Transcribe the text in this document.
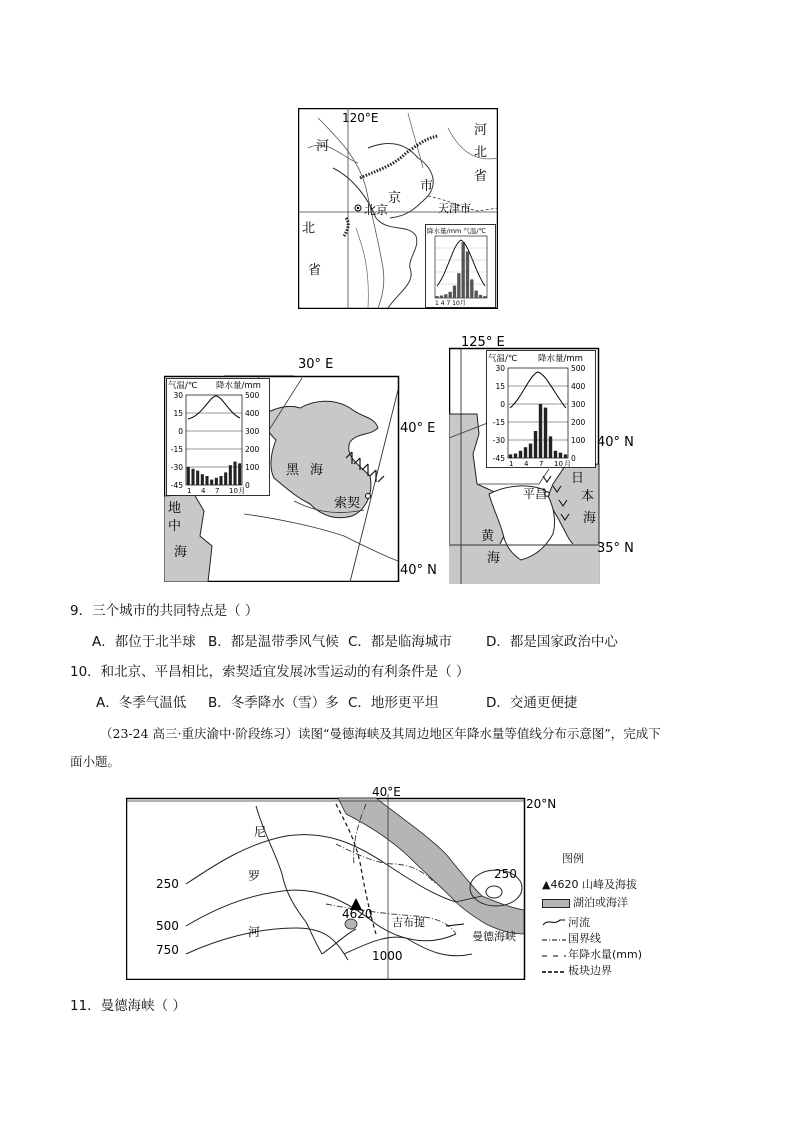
120°E
河
河
北
省
京
市
北京	天津市
北
省
降水量/mm 气温/℃
1 4 7 10月
30° E
40° E
40° N
黑 海
索契
地
中
海
气温/℃ 降水量/mm
30
15
0
-15
-30
-45
500
400
300
200
100
0
1 4 7 10 月
125° E
40° N
35° N
平昌
黄
海
日
本
海
气温/℃ 降水量/mm
30
15
0
-15
-30
-45
500
400
300
200
100
0
1 4 7 10 月
9．三个城市的共同特点是（ ）
A．都位于北半球 B．都是温带季风气候 C．都是临海城市	D．都是国家政治中心
10．和北京、平昌相比，索契适宜发展冰雪运动的有利条件是（ ）
A．冬季气温低 B．冬季降水（雪）多 C．地形更平坦	D．交通更便捷
（23-24 高三·重庆渝中·阶段练习）读图“曼德海峡及其周边地区年降水量等值线分布示意图”，完成下
面小题。
40°E
20°N
250
500
750	1000
250
4620
尼
罗
河
吉布提
曼德海峡
图例
▲4620 山峰及海拔
湖泊或海洋
河流
国界线
年降水量(mm)
板块边界
11．曼德海峡（ ）
